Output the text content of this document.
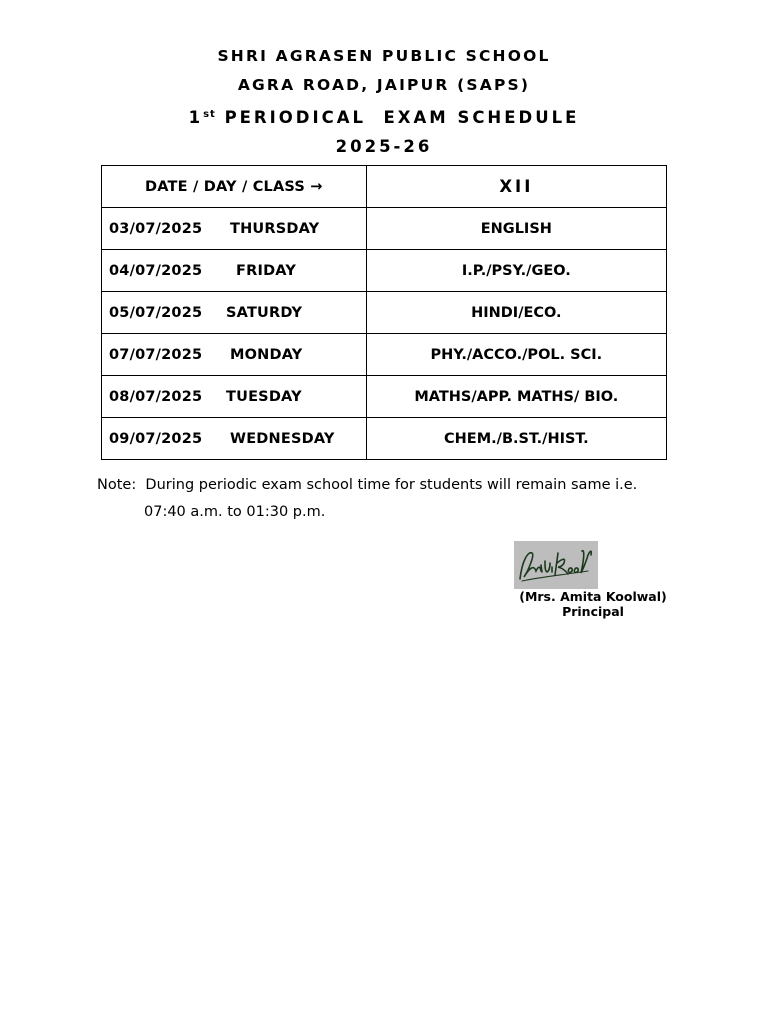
SHRI AGRASEN PUBLIC SCHOOL
AGRA ROAD, JAIPUR (SAPS)
1st PERIODICAL  EXAM SCHEDULE
2025-26
DATE / DAY / CLASS →	XII
03/07/2025 THURSDAY	ENGLISH
04/07/2025 FRIDAY	I.P./PSY./GEO.
05/07/2025 SATURDY	HINDI/ECO.
07/07/2025 MONDAY	PHY./ACCO./POL. SCI.
08/07/2025 TUESDAY	MATHS/APP. MATHS/ BIO.
09/07/2025 WEDNESDAY	CHEM./B.ST./HIST.
Note:  During periodic exam school time for students will remain same i.e.
07:40 a.m. to 01:30 p.m.
(Mrs. Amita Koolwal)
Principal
